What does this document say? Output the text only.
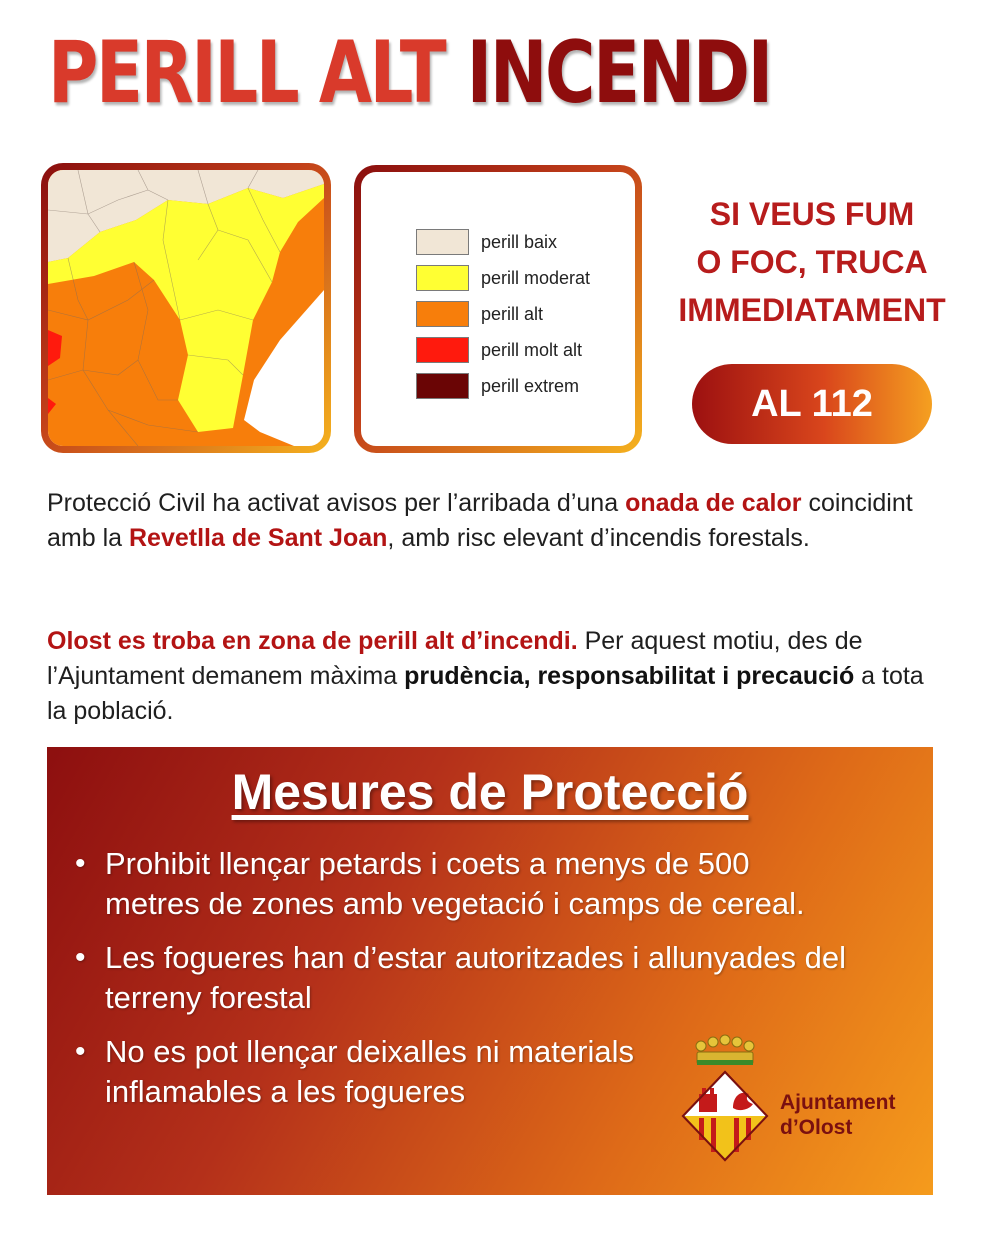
PERILL ALT INCENDI
perill baix
perill moderat
perill alt
perill molt alt
perill extrem
SI VEUS FUM
O FOC, TRUCA
IMMEDIATAMENT
AL 112

Protecció Civil ha activat avisos per l’arribada d’una onada de calor coincidint amb la Revetlla de Sant Joan, amb risc elevant d’incendis forestals.

Olost es troba en zona de perill alt d’incendi. Per aquest motiu, des de l’Ajuntament demanem màxima prudència, responsabilitat i precaució a tota la població.

Mesures de Protecció
• Prohibit llençar petards i coets a menys de 500 metres de zones amb vegetació i camps de cereal.
• Les fogueres han d’estar autoritzades i allunyades del terreny forestal
• No es pot llençar deixalles ni materials inflamables a les fogueres	Ajuntament
d’Olost
